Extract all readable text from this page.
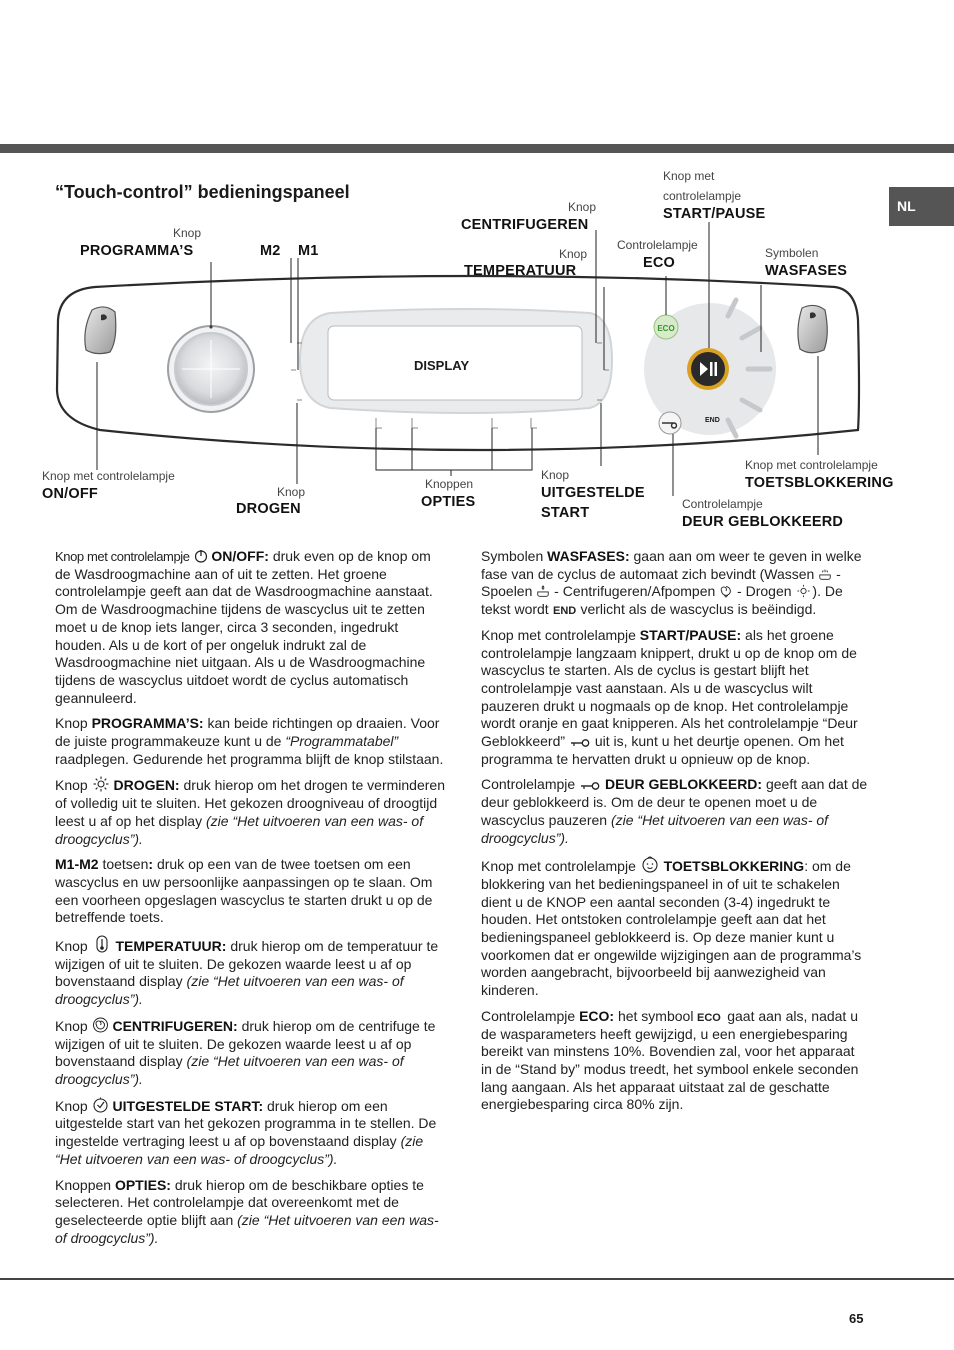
NL
“Touch-control” bedieningspaneel
DISPLAY
ECO
END
Knop
PROGRAMMA’S	M2 M1
Knop
CENTRIFUGEREN
Knop
TEMPERATUUR
Knop met
controlelampje
START/PAUSE
Controlelampje
ECO
Symbolen
WASFASES
Knop met controlelampje
ON/OFF	Knop
DROGEN
Knoppen
OPTIES
Knop
UITGESTELDE
START
Knop met controlelampje
TOETSBLOKKERING
Controlelampje
DEUR GEBLOKKEERD

Knop met controlelampje ON/OFF: druk even op de knop om de Wasdroogmachine aan of uit te zetten. Het groene controlelampje geeft aan dat de Wasdroogmachine aanstaat. Om de Wasdroogmachine tijdens de wascyclus uit te zetten moet u de knop iets langer, circa 3 seconden, ingedrukt houden. Als u de kort of per ongeluk indrukt zal de Wasdroogmachine niet uitgaan. Als u de Wasdroogmachine tijdens de wascyclus uitdoet wordt de cyclus automatisch geannuleerd.

Knop PROGRAMMA’S: kan beide richtingen op draaien. Voor de juiste programmakeuze kunt u de “Programmatabel” raadplegen. Gedurende het programma blijft de knop stilstaan.

Knop DROGEN: druk hierop om het drogen te verminderen of volledig uit te sluiten. Het gekozen droogniveau of droogtijd leest u af op het display (zie “Het uitvoeren van een was- of droogcyclus”).

M1-M2 toetsen: druk op een van de twee toetsen om een wascyclus en uw persoonlijke aanpassingen op te slaan. Om een voorheen opgeslagen wascyclus te starten drukt u op de betreffende toets.

Knop TEMPERATUUR: druk hierop om de temperatuur te wijzigen of uit te sluiten. De gekozen waarde leest u af op bovenstaand display (zie “Het uitvoeren van een was- of droogcyclus”).

Knop CENTRIFUGEREN: druk hierop om de centrifuge te wijzigen of uit te sluiten. De gekozen waarde leest u af op bovenstaand display (zie “Het uitvoeren van een was- of droogcyclus”).

Knop UITGESTELDE START: druk hierop om een uitgestelde start van het gekozen programma in te stellen. De ingestelde vertraging leest u af op bovenstaand display (zie “Het uitvoeren van een was- of droogcyclus”).

Knoppen OPTIES: druk hierop om de beschikbare opties te selecteren. Het controlelampje dat overeenkomt met de geselecteerde optie blijft aan (zie “Het uitvoeren van een was- of droogcyclus”).

Symbolen WASFASES: gaan aan om weer te geven in welke fase van de cyclus de automaat zich bevindt (Wassen  - Spoelen  - Centrifugeren/Afpompen  - Drogen ). De tekst wordt END verlicht als de wascyclus is beëindigd.

Knop met controlelampje START/PAUSE: als het groene controlelampje langzaam knippert, drukt u op de knop om de wascyclus te starten. Als de cyclus is gestart blijft het controlelampje vast aanstaan. Als u de wascyclus wilt pauzeren drukt u nogmaals op de knop. Het controlelampje wordt oranje en gaat knipperen. Als het controlelampje “Deur Geblokkeerd”  uit is, kunt u het deurtje openen. Om het programma te hervatten drukt u opnieuw op de knop.

Controlelampje DEUR GEBLOKKEERD: geeft aan dat de deur geblokkeerd is. Om de deur te openen moet u de wascyclus pauzeren (zie “Het uitvoeren van een was- of droogcyclus”).

Knop met controlelampje TOETSBLOKKERING: om de blokkering van het bedieningspaneel in of uit te schakelen dient u de KNOP een aantal seconden (3-4) ingedrukt te houden. Het ontstoken controlelampje geeft aan dat het bedieningspaneel geblokkeerd is. Op deze manier kunt u voorkomen dat er ongewilde wijzigingen aan de programma’s worden aangebracht, bijvoorbeeld bij aanwezigheid van kinderen.

Controlelampje ECO: het symbool ECO gaat aan als, nadat u de wasparameters heeft gewijzigd, u een energiebesparing bereikt van minstens 10%. Bovendien zal, voor het apparaat in de “Stand by” modus treedt, het symbool enkele seconden lang aangaan. Als het apparaat uitstaat zal de geschatte energiebesparing circa 80% zijn.

65
